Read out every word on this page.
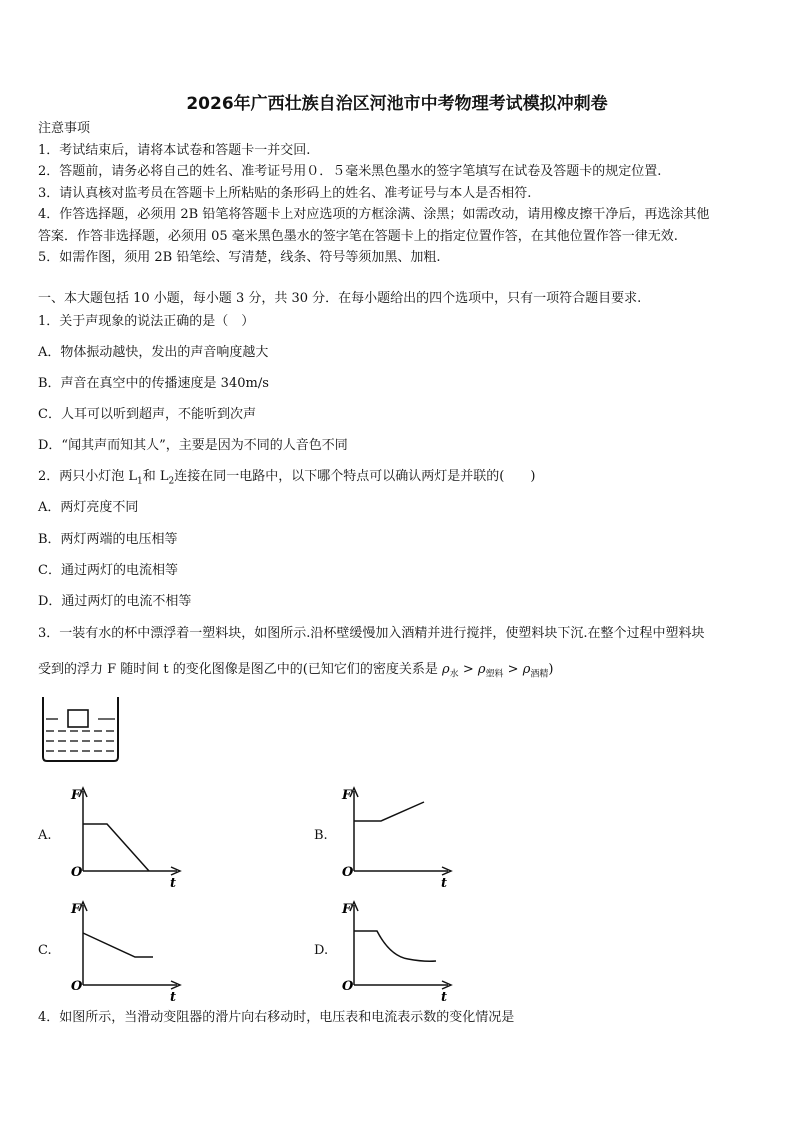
2026年广西壮族自治区河池市中考物理考试模拟冲刺卷
注意事项
1．考试结束后，请将本试卷和答题卡一并交回.
2．答题前，请务必将自己的姓名、准考证号用０．５毫米黑色墨水的签字笔填写在试卷及答题卡的规定位置.
3．请认真核对监考员在答题卡上所粘贴的条形码上的姓名、准考证号与本人是否相符.
4．作答选择题，必须用 2B 铅笔将答题卡上对应选项的方框涂满、涂黑；如需改动，请用橡皮擦干净后，再选涂其他
答案．作答非选择题，必须用 05 毫米黑色墨水的签字笔在答题卡上的指定位置作答，在其他位置作答一律无效.
5．如需作图，须用 2B 铅笔绘、写清楚，线条、符号等须加黑、加粗.
一、本大题包括 10 小题，每小题 3 分，共 30 分．在每小题给出的四个选项中，只有一项符合题目要求.
1．关于声现象的说法正确的是（　）
A．物体振动越快，发出的声音响度越大
B．声音在真空中的传播速度是 340m/s
C．人耳可以听到超声，不能听到次声
D．“闻其声而知其人”，主要是因为不同的人音色不同
2．两只小灯泡 $L_1$和 $L_2$连接在同一电路中，以下哪个特点可以确认两灯是并联的(　　)
A．两灯亮度不同
B．两灯两端的电压相等
C．通过两灯的电流相等
D．通过两灯的电流不相等
3．一装有水的杯中漂浮着一塑料块，如图所示.沿杯壁缓慢加入酒精并进行搅拌，使塑料块下沉.在整个过程中塑料块
受到的浮力 F 随时间 t 的变化图像是图乙中的(已知它们的密度关系是 $\rho_水 > \rho_{塑料} > \rho_{酒精}$)
A.
F
O
t
B.
F
O
t
C.
F
O
t
D.
F
O
t
4．如图所示，当滑动变阻器的滑片向右移动时，电压表和电流表示数的变化情况是
